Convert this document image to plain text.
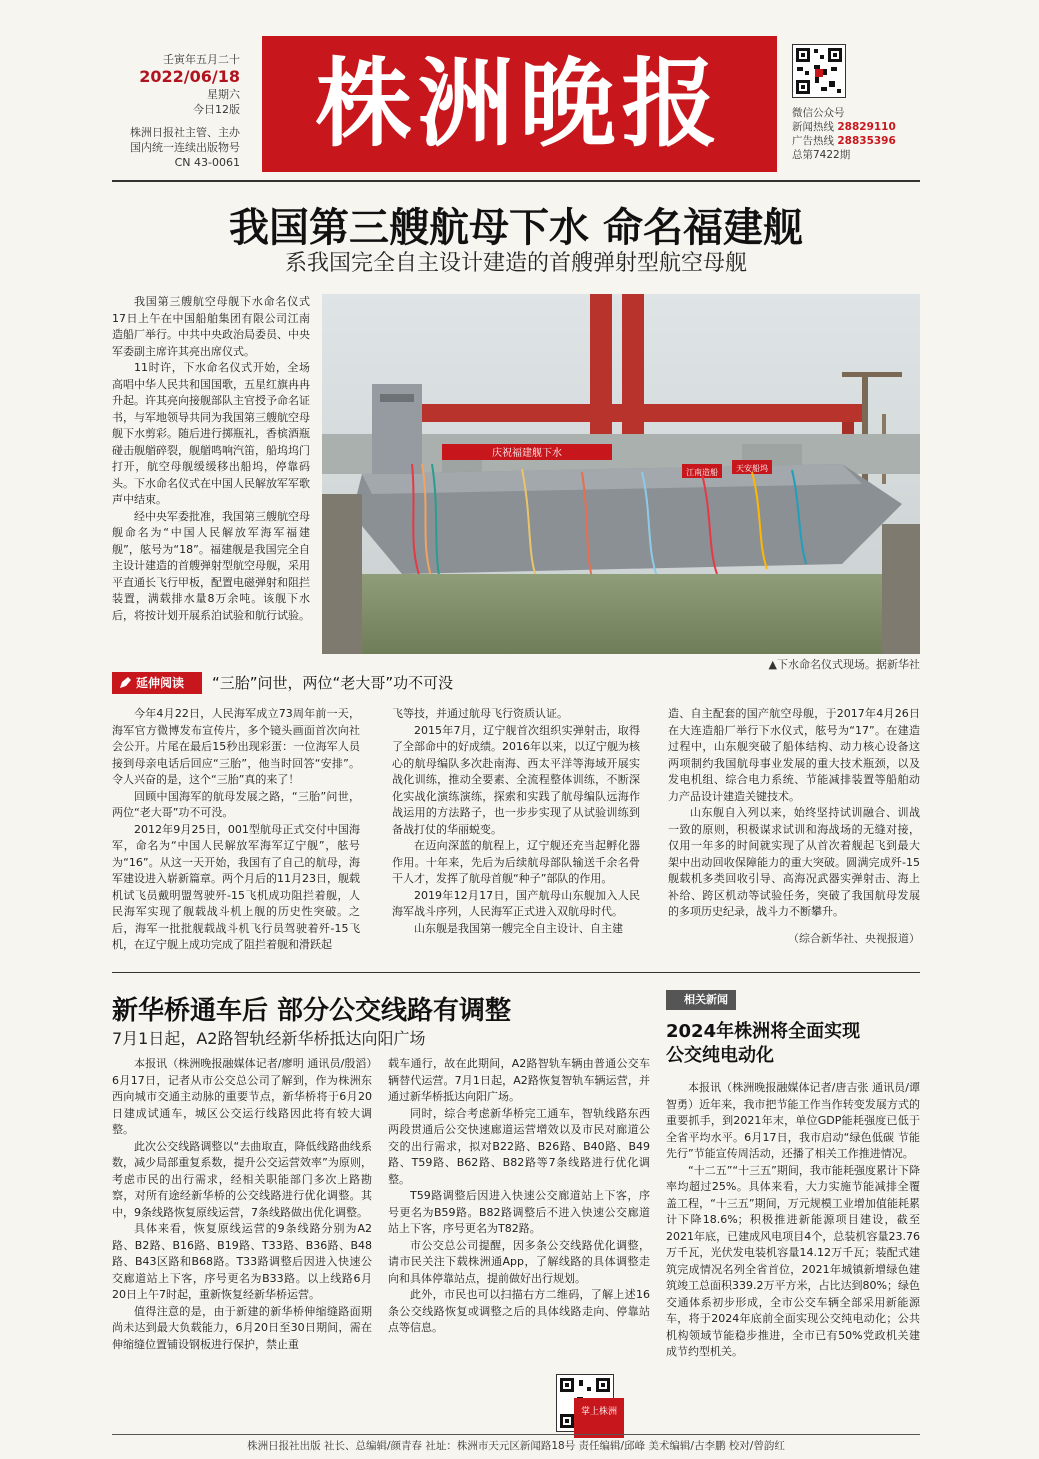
壬寅年五月二十
2022/06/18
星期六
今日12版
株洲日报社主管、主办
国内统一连续出版物号
CN 43-0061
株洲晚报	微信公众号
新闻热线 28829110
广告热线 28835396
总第7422期
我国第三艘航母下水 命名福建舰
系我国完全自主设计建造的首艘弹射型航空母舰

我国第三艘航空母舰下水命名仪式17日上午在中国船舶集团有限公司江南造船厂举行。中共中央政治局委员、中央军委副主席许其亮出席仪式。

11时许，下水命名仪式开始，全场高唱中华人民共和国国歌，五星红旗冉冉升起。许其亮向接舰部队主官授予命名证书，与军地领导共同为我国第三艘航空母舰下水剪彩。随后进行掷瓶礼，香槟酒瓶碰击舰艏碎裂，舰艏鸣响汽笛，船坞坞门打开，航空母舰缓缓移出船坞，停靠码头。下水命名仪式在中国人民解放军军歌声中结束。

经中央军委批准，我国第三艘航空母舰命名为“中国人民解放军海军福建舰”，舷号为“18”。福建舰是我国完全自主设计建造的首艘弹射型航空母舰，采用平直通长飞行甲板，配置电磁弹射和阻拦装置，满载排水量8万余吨。该舰下水后，将按计划开展系泊试验和航行试验。

庆祝福建舰下水
江南造船 天安船坞
▲下水命名仪式现场。据新华社
延伸阅读	“三胎”问世，两位“老大哥”功不可没

今年4月22日，人民海军成立73周年前一天，海军官方微博发布宣传片，多个镜头画面首次向社会公开。片尾在最后15秒出现彩蛋：一位海军人员接到母亲电话后回应“三胎”，他当时回答“安排”。令人兴奋的是，这个“三胎”真的来了！

回顾中国海军的航母发展之路，“三胎”问世，两位“老大哥”功不可没。

2012年9月25日，001型航母正式交付中国海军，命名为“中国人民解放军海军辽宁舰”，舷号为“16”。从这一天开始，我国有了自己的航母，海军建设进入崭新篇章。两个月后的11月23日，舰载机试飞员戴明盟驾驶歼-15飞机成功阻拦着舰，人民海军实现了舰载战斗机上舰的历史性突破。之后，海军一批批舰载战斗机飞行员驾驶着歼-15飞机，在辽宁舰上成功完成了阻拦着舰和滑跃起

飞等技，并通过航母飞行资质认证。

2015年7月，辽宁舰首次组织实弹射击，取得了全部命中的好成绩。2016年以来，以辽宁舰为核心的航母编队多次赴南海、西太平洋等海域开展实战化训练，推动全要素、全流程整体训练，不断深化实战化演练演练，探索和实践了航母编队远海作战运用的方法路子，也一步步实现了从试验训练到备战打仗的华丽蜕变。

在迈向深蓝的航程上，辽宁舰还充当起孵化器作用。十年来，先后为后续航母部队输送千余名骨干人才，发挥了航母首舰“种子”部队的作用。

2019年12月17日，国产航母山东舰加入人民海军战斗序列，人民海军正式进入双航母时代。

山东舰是我国第一艘完全自主设计、自主建

造、自主配套的国产航空母舰，于2017年4月26日在大连造船厂举行下水仪式，舷号为“17”。在建造过程中，山东舰突破了船体结构、动力核心设备这两项制约我国航母事业发展的重大技术瓶颈，以及发电机组、综合电力系统、节能减排装置等船舶动力产品设计建造关键技术。

山东舰自入列以来，始终坚持试训融合、训战一致的原则，积极谋求试训和海战场的无缝对接，仅用一年多的时间就实现了从首次着舰起飞到最大架中出动回收保障能力的重大突破。圆满完成歼-15舰载机多类回收引导、高海况武器实弹射击、海上补给、跨区机动等试验任务，突破了我国航母发展的多项历史纪录，战斗力不断攀升。

（综合新华社、央视报道）
新华桥通车后 部分公交线路有调整
7月1日起，A2路智轨经新华桥抵达向阳广场

本报讯（株洲晚报融媒体记者/廖明 通讯员/殷滔）6月17日，记者从市公交总公司了解到，作为株洲东西向城市交通主动脉的重要节点，新华桥将于6月20日建成试通车，城区公交运行线路因此将有较大调整。

此次公交线路调整以“去曲取直，降低线路曲线系数，减少局部重复系数，提升公交运营效率”为原则，考虑市民的出行需求，经相关职能部门多次上路勘察，对所有途经新华桥的公交线路进行优化调整。其中，9条线路恢复原线运营，7条线路做出优化调整。

具体来看，恢复原线运营的9条线路分别为A2路、B2路、B16路、B19路、T33路、B36路、B48路、B43区路和B68路。T33路调整后因进入快速公交廊道站上下客，序号更名为B33路。以上线路6月20日上午7时起，重新恢复经新华桥运营。

值得注意的是，由于新建的新华桥伸缩缝路面期尚未达到最大负载能力，6月20日至30日期间，需在伸缩缝位置铺设钢板进行保护，禁止重

载车通行，故在此期间，A2路智轨车辆由普通公交车辆替代运营。7月1日起，A2路恢复智轨车辆运营，并通过新华桥抵达向阳广场。

同时，综合考虑新华桥完工通车，智轨线路东西两段贯通后公交快速廊道运营增效以及市民对廊道公交的出行需求，拟对B22路、B26路、B40路、B49路、T59路、B62路、B82路等7条线路进行优化调整。

T59路调整后因进入快速公交廊道站上下客，序号更名为B59路。B82路调整后不进入快速公交廊道站上下客，序号更名为T82路。

市公交总公司提醒，因多条公交线路优化调整，请市民关注下载株洲通App，了解线路的具体调整走向和具体停靠站点，提前做好出行规划。

此外，市民也可以扫描右方二维码，了解上述16条公交线路恢复或调整之后的具体线路走向、停靠站点等信息。

掌上株洲
相关新闻
2024年株洲将全面实现
公交纯电动化

本报讯（株洲晚报融媒体记者/唐吉张 通讯员/谭智勇）近年来，我市把节能工作当作转变发展方式的重要抓手，到2021年末，单位GDP能耗强度已低于全省平均水平。6月17日，我市启动“绿色低碳 节能先行”节能宣传周活动，还播了相关工作推进情况。

“十二五”“十三五”期间，我市能耗强度累计下降率均超过25%。具体来看，大力实施节能减排全覆盖工程，“十三五”期间，万元规模工业增加值能耗累计下降18.6%；积极推进新能源项目建设，截至2021年底，已建成风电项目4个，总装机容量23.76万千瓦，光伏发电装机容量14.12万千瓦；装配式建筑完成情况名列全省首位，2021年城镇新增绿色建筑竣工总面积339.2万平方米，占比达到80%；绿色交通体系初步形成，全市公交车辆全部采用新能源车，将于2024年底前全面实现公交纯电动化；公共机构领域节能稳步推进，全市已有50%党政机关建成节约型机关。

株洲日报社出版 社长、总编辑/颜青春 社址：株洲市天元区新闻路18号 责任编辑/邱峰 美术编辑/古李鹏 校对/曾韵红
